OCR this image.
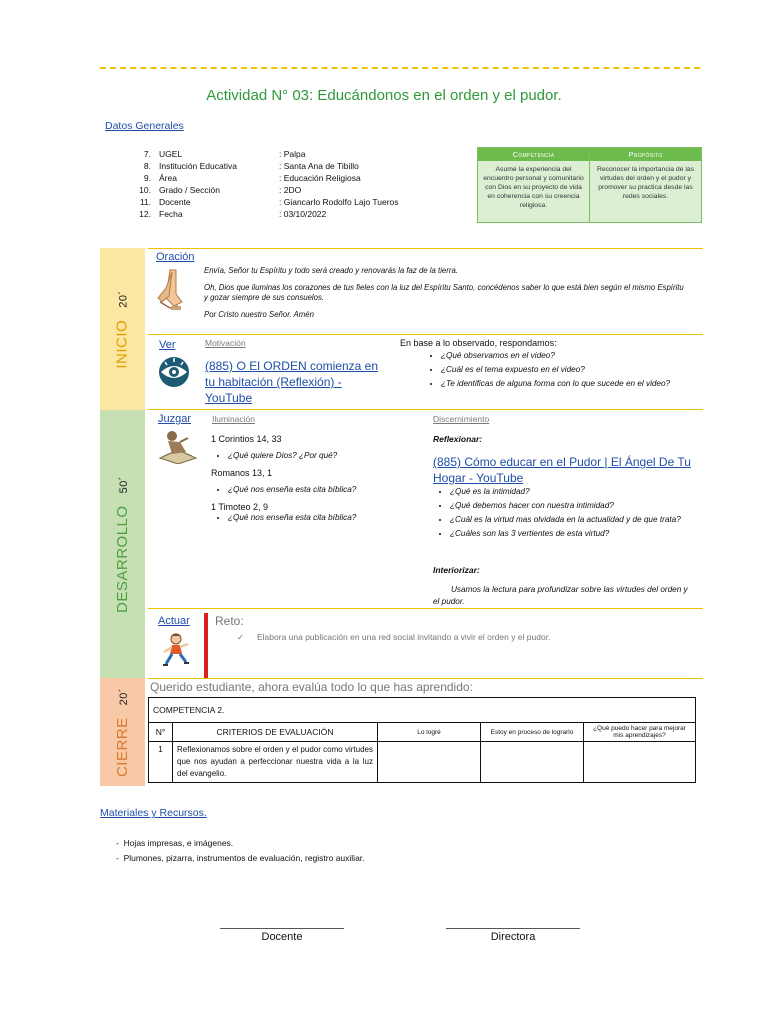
Actividad N° 03: Educándonos en el orden y el pudor.
Datos Generales
7. UGEL	: Palpa
8. Institución Educativa	: Santa Ana de Tibillo
9. Área	: Educación Religiosa
10. Grado / Sección	: 2DO
11. Docente	: Giancarlo Rodolfo Lajo Tueros
12. Fecha	: 03/10/2022
Competencia
Asume la experiencia del encuentro personal y comunitario con Dios en su proyecto de vida en coherencia con su creencia religiosa.
Propósito
Reconocer la importancia de las virtudes del orden y el pudor y promover su practica desde las redes sociales.
INICIO20´
DESARROLLO50´
CIERRE20´
Oración
Envía, Señor tu Espíritu y todo será creado y renovarás la faz de la tierra.
Oh, Dios que iluminas los corazones de tus fieles con la luz del Espíritu Santo, concédenos saber lo que está bien según el mismo Espíritu y gozar siempre de sus consuelos.
Por Cristo nuestro Señor. Amén
Ver	Motivación
(885) ⭘ El ORDEN comienza en tu habitación (Reflexión) - YouTube
En base a lo observado, respondamos:
• ¿Qué observamos en el video?
• ¿Cuál es el tema expuesto en el video?
• ¿Te identificas de alguna forma con lo que sucede en el video?
Juzgar Iluminación
1 Corintios 14, 33
• ¿Qué quiere Dios? ¿Por qué?
Romanos 13, 1
• ¿Qué nos enseña esta cita bíblica?
1 Timoteo 2, 9
• ¿Qué nos enseña esta cita bíblica?
Discernimiento
Reflexionar:
(885) Cómo educar en el Pudor | El Ángel De Tu Hogar - YouTube
• ¿Qué es la intimidad?
• ¿Qué debemos hacer con nuestra intimidad?
• ¿Cuál es la virtud mas olvidada en la actualidad y de que trata?
• ¿Cuáles son las 3 vertientes de esta virtud?
Interiorizar:
Usamos la lectura para profundizar sobre las virtudes del orden y el pudor.
Actuar Reto:
✓ Elabora una publicación en una red social invitando a vivir el orden y el pudor.
Querido estudiante, ahora evalúa todo lo que has aprendido:
COMPETENCIA 2.				
N°	CRITERIOS DE EVALUACIÓN	Lo logré	Estoy en proceso de lograrlo	¿Qué puedo hacer para mejorar mis aprendizajes?
1	Reflexionamos sobre el orden y el pudor como virtudes que nos ayudan a perfeccionar nuestra vida a la luz del evangelio.			
Materiales y Recursos.
-  Hojas impresas, e imágenes.
-  Plumones, pizarra, instrumentos de evaluación, registro auxiliar.
Docente	Directora
